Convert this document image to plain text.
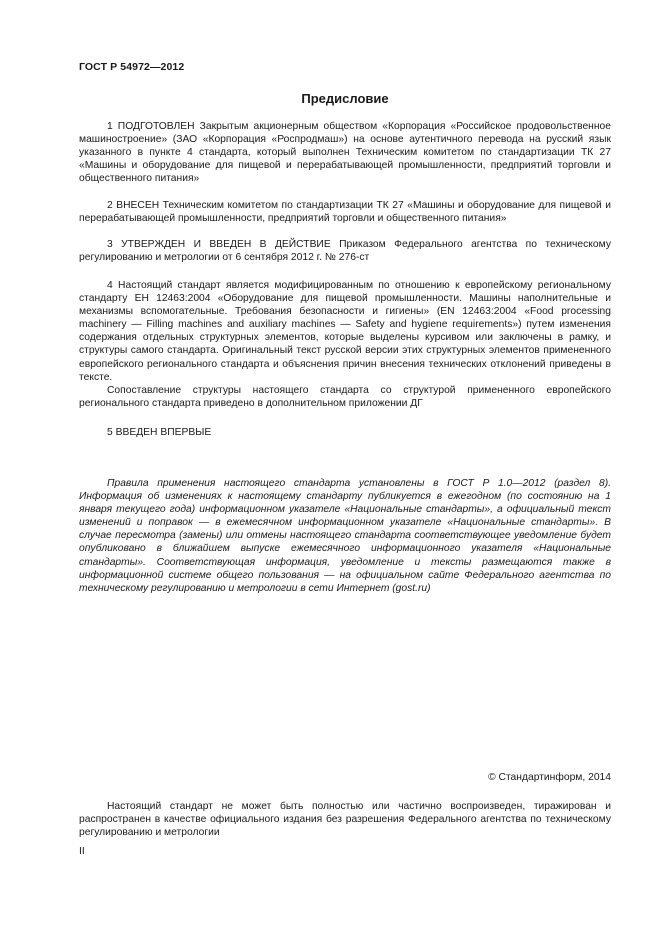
ГОСТ Р 54972—2012
Предисловие

1 ПОДГОТОВЛЕН Закрытым акционерным обществом «Корпорация «Российское продовольственное машиностроение» (ЗАО «Корпорация «Роспродмаш») на основе аутентичного перевода на русский язык указанного в пункте 4 стандарта, который выполнен Техническим комитетом по стандартизации ТК 27 «Машины и оборудование для пищевой и перерабатывающей промышленности, предприятий торговли и общественного питания»

2 ВНЕСЕН Техническим комитетом по стандартизации ТК 27 «Машины и оборудование для пищевой и перерабатывающей промышленности, предприятий торговли и общественного питания»

3 УТВЕРЖДЕН И ВВЕДЕН В ДЕЙСТВИЕ Приказом Федерального агентства по техническому регулированию и метрологии от 6 сентября 2012 г. № 276-ст

4 Настоящий стандарт является модифицированным по отношению к европейскому региональному стандарту ЕН 12463:2004 «Оборудование для пищевой промышленности. Машины наполнительные и механизмы вспомогательные. Требования безопасности и гигиены» (EN 12463:2004 «Food processing machinery — Filling machines and auxiliary machines — Safety and hygiene requirements») путем изменения содержания отдельных структурных элементов, которые выделены курсивом или заключены в рамку, и структуры самого стандарта. Оригинальный текст русской версии этих структурных элементов примененного европейского регионального стандарта и объяснения причин внесения технических отклонений приведены в тексте.

Сопоставление структуры настоящего стандарта со структурой примененного европейского регионального стандарта приведено в дополнительном приложении ДГ

5 ВВЕДЕН ВПЕРВЫЕ

Правила применения настоящего стандарта установлены в ГОСТ Р 1.0—2012 (раздел 8). Информация об изменениях к настоящему стандарту публикуется в ежегодном (по состоянию на 1 января текущего года) информационном указателе «Национальные стандарты», а официальный текст изменений и поправок — в ежемесячном информационном указателе «Национальные стандарты». В случае пересмотра (замены) или отмены настоящего стандарта соответствующее уведомление будет опубликовано в ближайшем выпуске ежемесячного информационного указателя «Национальные стандарты». Соответствующая информация, уведомление и тексты размещаются также в информационной системе общего пользования — на официальном сайте Федерального агентства по техническому регулированию и метрологии в сети Интернет (gost.ru)

© Стандартинформ, 2014

Настоящий стандарт не может быть полностью или частично воспроизведен, тиражирован и распространен в качестве официального издания без разрешения Федерального агентства по техническому регулированию и метрологии

II
